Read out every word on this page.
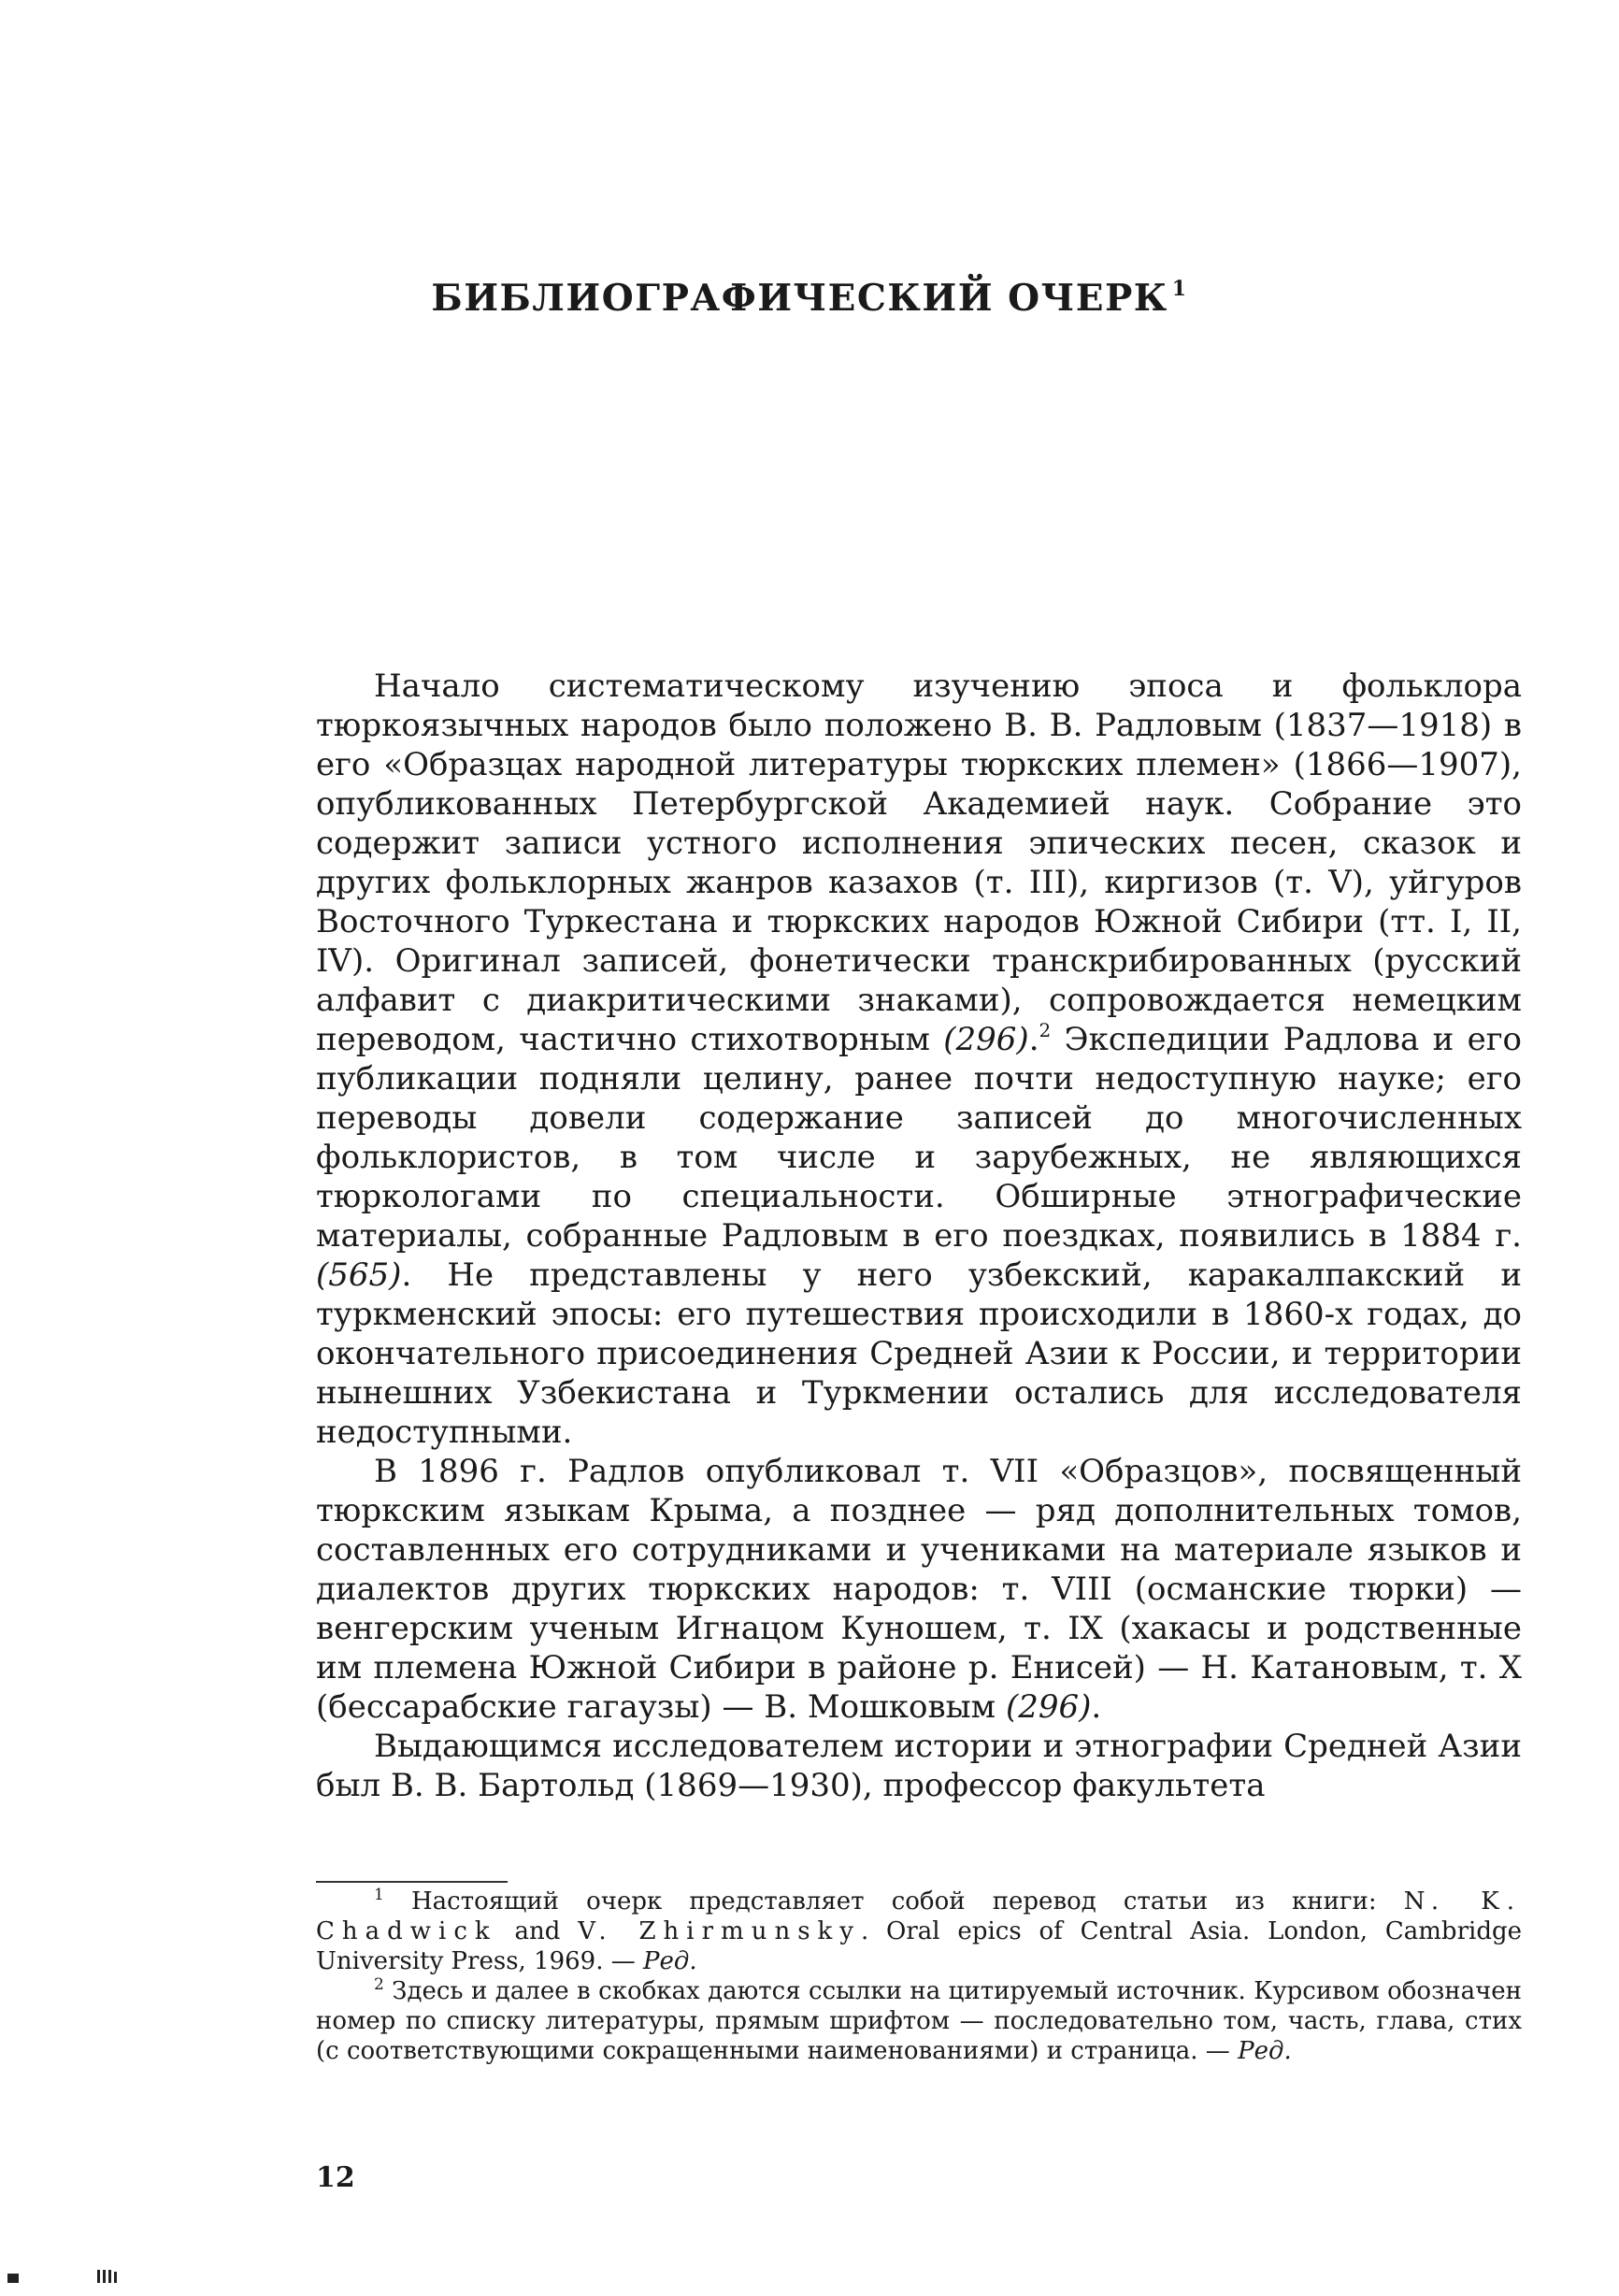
БИБЛИОГРАФИЧЕСКИЙ ОЧЕРК $^1$

Начало систематическому изучению эпоса и фольклора тюркоязычных народов было положено В. В. Радловым (1837—1918) в его «Образцах народной литературы тюркских племен» (1866—1907), опубликованных Петербургской Академией наук. Собрание это содержит записи устного исполнения эпических песен, сказок и других фольклорных жанров казахов (т. III), киргизов (т. V), уйгуров Восточного Туркестана и тюркских народов Южной Сибири (тт. I, II, IV). Оригинал записей, фонетически транскрибированных (русский алфавит с диакритическими знаками), сопровождается немецким переводом, частично стихотворным (296).$^2$ Экспедиции Радлова и его публикации подняли целину, ранее почти недоступную науке; его переводы довели содержание записей до многочисленных фольклористов, в том числе и зарубежных, не являющихся тюркологами по специальности. Обширные этнографические материалы, собранные Радловым в его поездках, появились в 1884 г. (565). Не представлены у него узбекский, каракалпакский и туркменский эпосы: его путешествия происходили в 1860-х годах, до окончательного присоединения Средней Азии к России, и территории нынешних Узбекистана и Туркмении остались для исследователя недоступными.

В 1896 г. Радлов опубликовал т. VII «Образцов», посвященный тюркским языкам Крыма, а позднее — ряд дополнительных томов, составленных его сотрудниками и учениками на материале языков и диалектов других тюркских народов: т. VIII (османские тюрки) — венгерским ученым Игнацом Куношем, т. IX (хакасы и родственные им племена Южной Сибири в районе р. Енисей) — Н. Катановым, т. X (бессарабские гагаузы) — В. Мошковым (296).

Выдающимся исследователем истории и этнографии Средней Азии был В. В. Бартольд (1869—1930), профессор факультета

$^1$ Настоящий очерк представляет собой перевод статьи из книги: N. K. Chadwick and V. Zhirmunsky. Oral epics of Central Asia. London, Cambridge University Press, 1969. — Ред.

$^2$ Здесь и далее в скобках даются ссылки на цитируемый источник. Курсивом обозначен номер по списку литературы, прямым шрифтом — последовательно том, часть, глава, стих (с соответствующими сокращенными наименованиями) и страница. — Ред.

12
